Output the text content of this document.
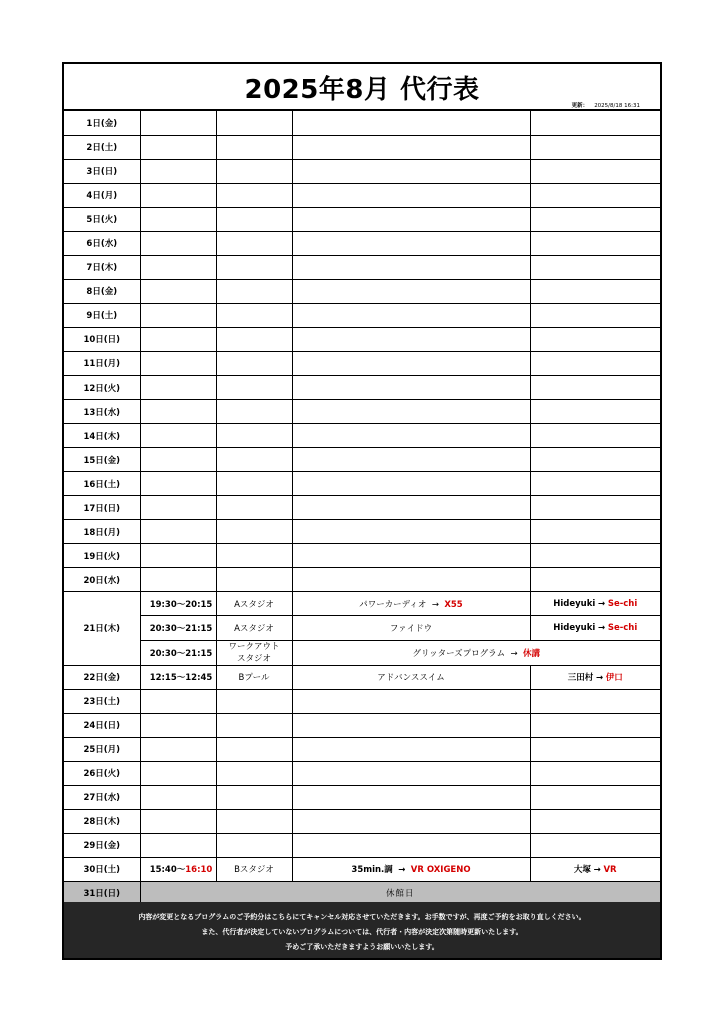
2025年8月 代行表
更新： 2025/8/18 16:31
1日(金)				
2日(土)				
3日(日)				
4日(月)				
5日(火)				
6日(水)				
7日(木)				
8日(金)				
9日(土)				
10日(日)				
11日(月)				
12日(火)				
13日(水)				
14日(木)				
15日(金)				
16日(土)				
17日(日)				
18日(月)				
19日(火)				
20日(水)				
21日(木)	19:30～20:15	Aスタジオ	パワーカーディオ → X55	Hideyuki → Se-chi
	20:30～21:15	Aスタジオ	ファイドウ	Hideyuki → Se-chi
	20:30～21:15	ワークアウト
スタジオ	グリッターズプログラム → 休講	
22日(金)	12:15～12:45	Bプール	アドバンススイム	三田村 → 伊口
23日(土)				
24日(日)				
25日(月)				
26日(火)				
27日(水)				
28日(木)				
29日(金)				
30日(土)	15:40～16:10	Bスタジオ	35min.調 → VR OXIGENO	大塚 → VR
31日(日)	休館日			
内容が変更となるプログラムのご予約分はこちらにてキャンセル対応させていただきます。お手数ですが、再度ご予約をお取り直しください。
また、代行者が決定していないプログラムについては、代行者・内容が決定次第随時更新いたします。
予めご了承いただきますようお願いいたします。
